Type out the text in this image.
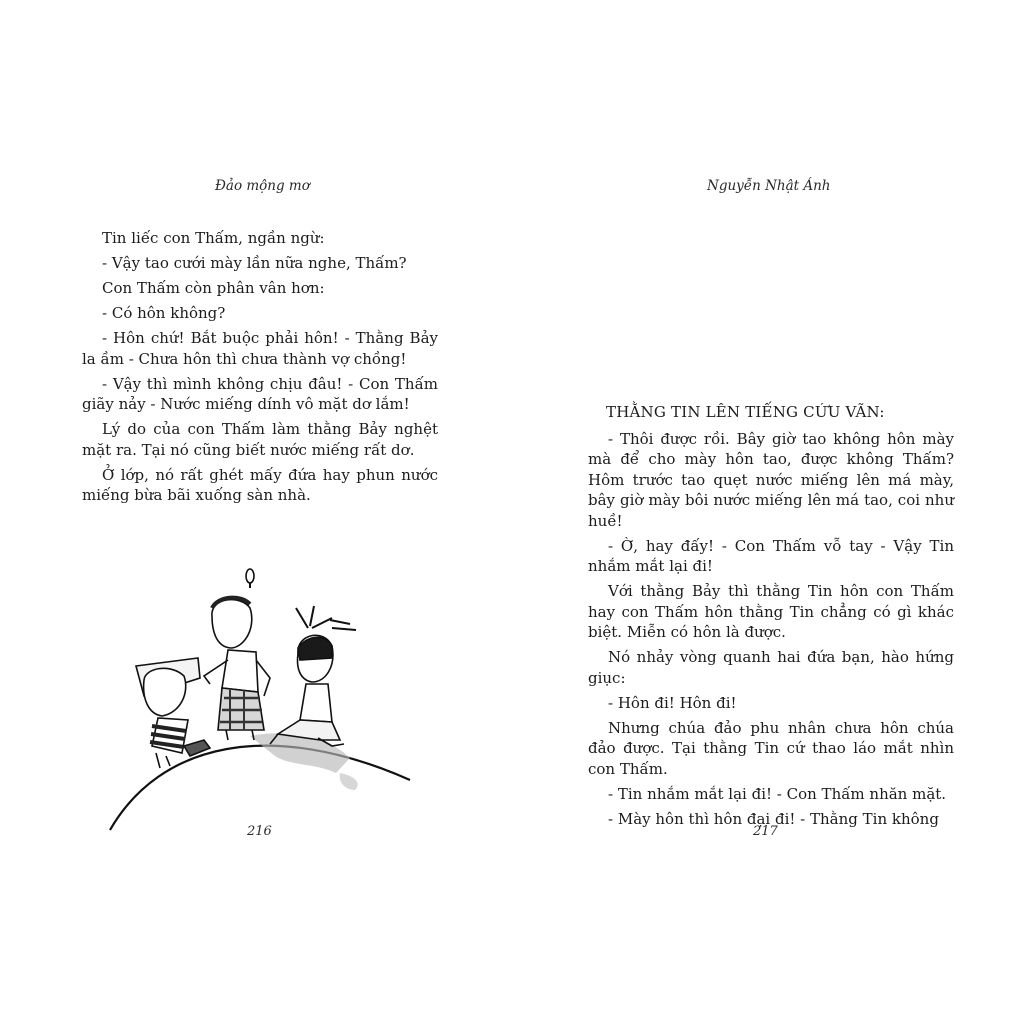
Đảo mộng mơ

Tin liếc con Thấm, ngần ngừ:

- Vậy tao cưới mày lần nữa nghe, Thấm?

Con Thấm còn phân vân hơn:

- Có hôn không?

- Hôn chứ! Bắt buộc phải hôn! - Thằng Bảy la ầm - Chưa hôn thì chưa thành vợ chồng!

- Vậy thì mình không chịu đâu! - Con Thấm giãy nảy - Nước miếng dính vô mặt dơ lắm!

Lý do của con Thấm làm thằng Bảy nghệt mặt ra. Tại nó cũng biết nước miếng rất dơ.

Ở lớp, nó rất ghét mấy đứa hay phun nước miếng bừa bãi xuống sàn nhà.

216
Nguyễn Nhật Ánh

THẰNG TIN LÊN TIẾNG CỨU VÃN:

- Thôi được rồi. Bây giờ tao không hôn mày mà để cho mày hôn tao, được không Thấm? Hôm trước tao quẹt nước miếng lên má mày, bây giờ mày bôi nước miếng lên má tao, coi như huề!

- Ờ, hay đấy! - Con Thấm vỗ tay - Vậy Tin nhắm mắt lại đi!

Với thằng Bảy thì thằng Tin hôn con Thấm hay con Thấm hôn thằng Tin chẳng có gì khác biệt. Miễn có hôn là được.

Nó nhảy vòng quanh hai đứa bạn, hào hứng giục:

- Hôn đi! Hôn đi!

Nhưng chúa đảo phu nhân chưa hôn chúa đảo được. Tại thằng Tin cứ thao láo mắt nhìn con Thấm.

- Tin nhắm mắt lại đi! - Con Thấm nhăn mặt.

- Mày hôn thì hôn đại đi! - Thằng Tin không

217
